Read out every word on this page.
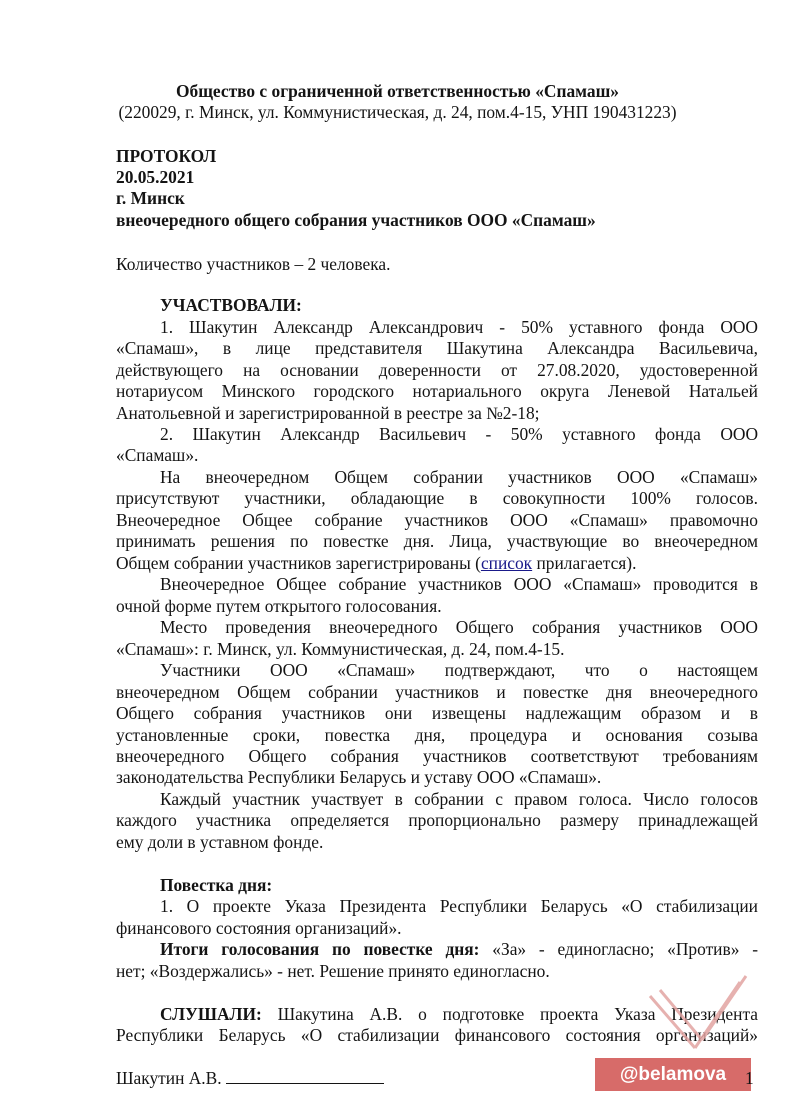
Общество с ограниченной ответственностью «Спамаш»
(220029, г. Минск, ул. Коммунистическая, д. 24, пом.4-15, УНП 190431223)
ПРОТОКОЛ
20.05.2021
г. Минск
внеочередного общего собрания участников ООО «Спамаш»
Количество участников – 2 человека.
УЧАСТВОВАЛИ:
1. Шакутин Александр Александрович - 50% уставного фонда ООО
«Спамаш», в лице представителя Шакутина Александра Васильевича,
действующего на основании доверенности от 27.08.2020, удостоверенной
нотариусом Минского городского нотариального округа Леневой Натальей
Анатольевной и зарегистрированной в реестре за №2-18;
2. Шакутин Александр Васильевич - 50% уставного фонда ООО
«Спамаш».
На внеочередном Общем собрании участников ООО «Спамаш»
присутствуют участники, обладающие в совокупности 100% голосов.
Внеочередное Общее собрание участников ООО «Спамаш» правомочно
принимать решения по повестке дня. Лица, участвующие во внеочередном
Общем собрании участников зарегистрированы (список прилагается).
Внеочередное Общее собрание участников ООО «Спамаш» проводится в
очной форме путем открытого голосования.
Место проведения внеочередного Общего собрания участников ООО
«Спамаш»: г. Минск, ул. Коммунистическая, д. 24, пом.4-15.
Участники ООО «Спамаш» подтверждают, что о настоящем
внеочередном Общем собрании участников и повестке дня внеочередного
Общего собрания участников они извещены надлежащим образом и в
установленные сроки, повестка дня, процедура и основания созыва
внеочередного Общего собрания участников соответствуют требованиям
законодательства Республики Беларусь и уставу ООО «Спамаш».
Каждый участник участвует в собрании с правом голоса. Число голосов
каждого участника определяется пропорционально размеру принадлежащей
ему доли в уставном фонде.
Повестка дня:
1. О проекте Указа Президента Республики Беларусь «О стабилизации
финансового состояния организаций».
Итоги голосования по повестке дня: «За» - единогласно; «Против» -
нет; «Воздержались» - нет. Решение принято единогласно.
СЛУШАЛИ: Шакутина А.В. о подготовке проекта Указа Президента
Республики Беларусь «О стабилизации финансового состояния организаций»
Шакутин А.В.	@belamova	1
